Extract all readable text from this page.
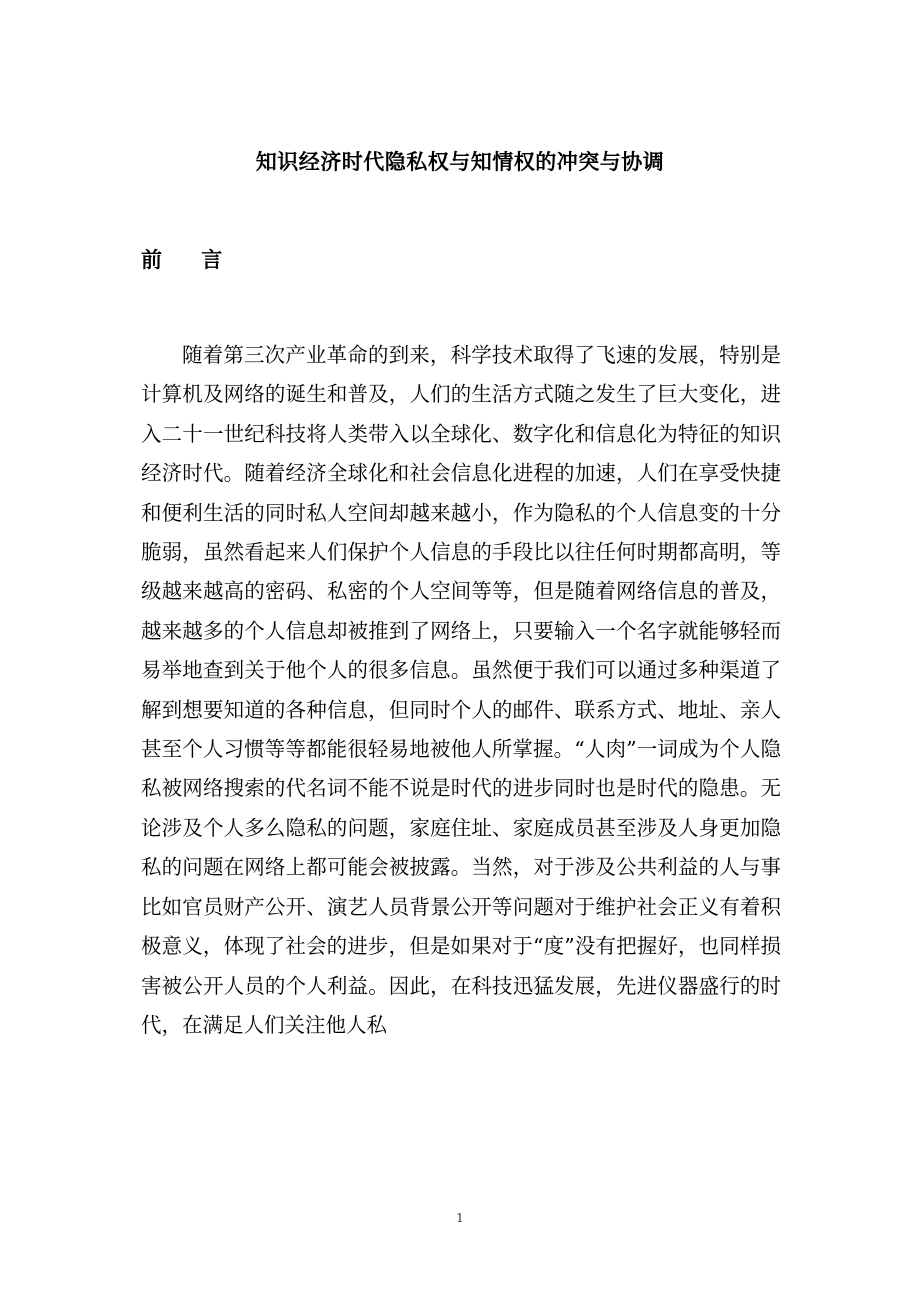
知识经济时代隐私权与知情权的冲突与协调
前 言

随着第三次产业革命的到来，科学技术取得了飞速的发展，特别是计算机及网络的诞生和普及，人们的生活方式随之发生了巨大变化，进入二十一世纪科技将人类带入以全球化、数字化和信息化为特征的知识经济时代。随着经济全球化和社会信息化进程的加速，人们在享受快捷和便利生活的同时私人空间却越来越小，作为隐私的个人信息变的十分脆弱，虽然看起来人们保护个人信息的手段比以往任何时期都高明，等级越来越高的密码、私密的个人空间等等，但是随着网络信息的普及，越来越多的个人信息却被推到了网络上，只要输入一个名字就能够轻而易举地查到关于他个人的很多信息。虽然便于我们可以通过多种渠道了解到想要知道的各种信息，但同时个人的邮件、联系方式、地址、亲人甚至个人习惯等等都能很轻易地被他人所掌握。“人肉”一词成为个人隐私被网络搜索的代名词不能不说是时代的进步同时也是时代的隐患。无论涉及个人多么隐私的问题，家庭住址、家庭成员甚至涉及人身更加隐私的问题在网络上都可能会被披露。当然，对于涉及公共利益的人与事比如官员财产公开、演艺人员背景公开等问题对于维护社会正义有着积极意义，体现了社会的进步，但是如果对于“度”没有把握好，也同样损害被公开人员的个人利益。因此，在科技迅猛发展，先进仪器盛行的时代，在满足人们关注他人私

1
